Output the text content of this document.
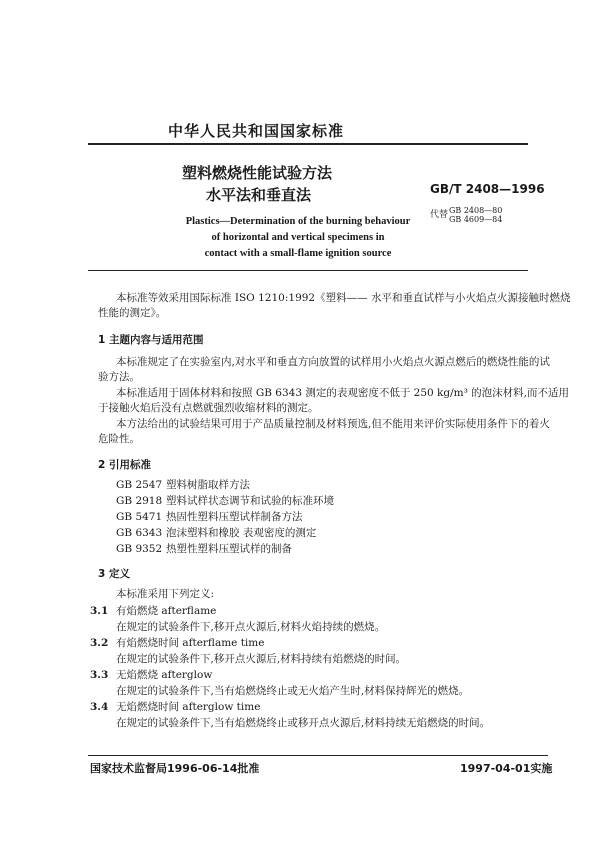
中华人民共和国国家标准
塑料燃烧性能试验方法
水平法和垂直法	GB/T 2408—1996
代替 GB 2408—80
GB 4609—84
Plastics—Determination of the burning behaviour
of horizontal and vertical specimens in
contact with a small-flame ignition source
本标准等效采用国际标准 ISO 1210:1992《塑料—— 水平和垂直试样与小火焰点火源接触时燃烧
性能的测定》。
1 主题内容与适用范围
本标准规定了在实验室内,对水平和垂直方向放置的试样用小火焰点火源点燃后的燃烧性能的试
验方法。
本标准适用于固体材料和按照 GB 6343 测定的表观密度不低于 250 kg/m³ 的泡沫材料,而不适用
于接触火焰后没有点燃就强烈收缩材料的测定。
本方法给出的试验结果可用于产品质量控制及材料预选,但不能用来评价实际使用条件下的着火
危险性。
2 引用标准
GB 2547 塑料树脂取样方法
GB 2918 塑料试样状态调节和试验的标准环境
GB 5471 热固性塑料压塑试样制备方法
GB 6343 泡沫塑料和橡胶 表观密度的测定
GB 9352 热塑性塑料压塑试样的制备
3 定义
本标准采用下列定义:
3.1 有焰燃烧 afterflame
在规定的试验条件下,移开点火源后,材料火焰持续的燃烧。
3.2 有焰燃烧时间 afterflame time
在规定的试验条件下,移开点火源后,材料持续有焰燃烧的时间。
3.3 无焰燃烧 afterglow
在规定的试验条件下,当有焰燃烧终止或无火焰产生时,材料保持辉光的燃烧。
3.4 无焰燃烧时间 afterglow time
在规定的试验条件下,当有焰燃烧终止或移开点火源后,材料持续无焰燃烧的时间。
国家技术监督局1996-06-14批准	1997-04-01实施
